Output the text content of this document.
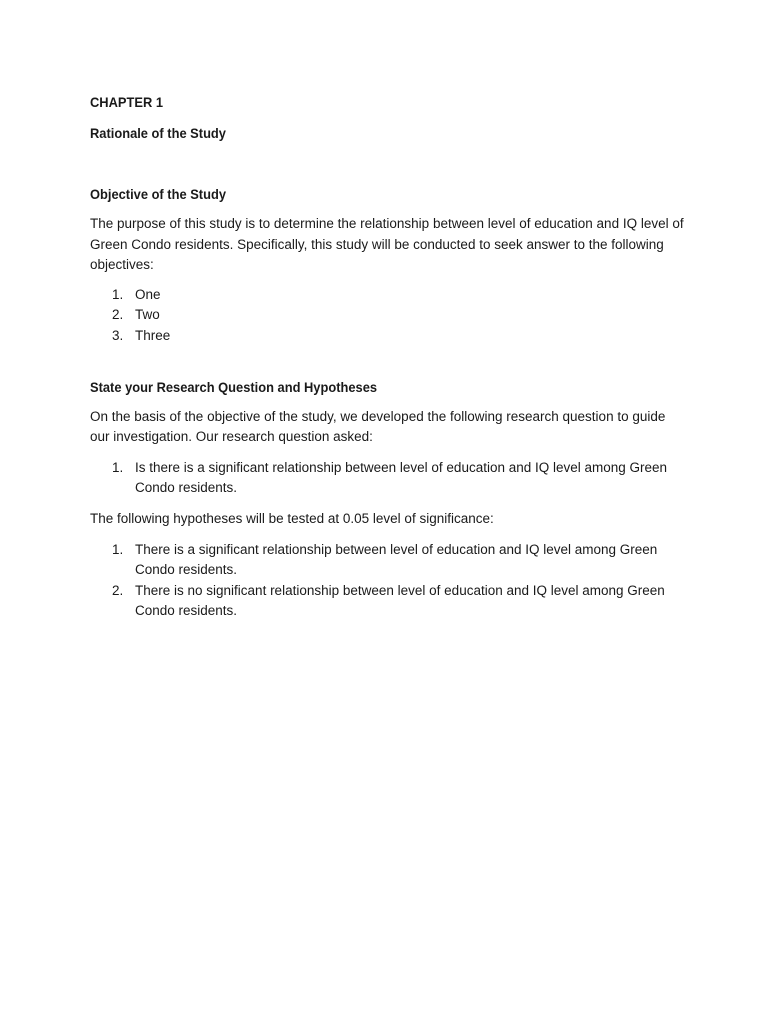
CHAPTER 1
Rationale of the Study
Objective of the Study

The purpose of this study is to determine the relationship between level of education and IQ level of Green Condo residents. Specifically, this study will be conducted to seek answer to the following objectives:

1. One
2. Two
3. Three
State your Research Question and Hypotheses

On the basis of the objective of the study, we developed the following research question to guide our investigation. Our research question asked:

1. Is there is a significant relationship between level of education and IQ level among Green Condo residents.

The following hypotheses will be tested at 0.05 level of significance:

1. There is a significant relationship between level of education and IQ level among Green Condo residents.
2. There is no significant relationship between level of education and IQ level among Green Condo residents.
